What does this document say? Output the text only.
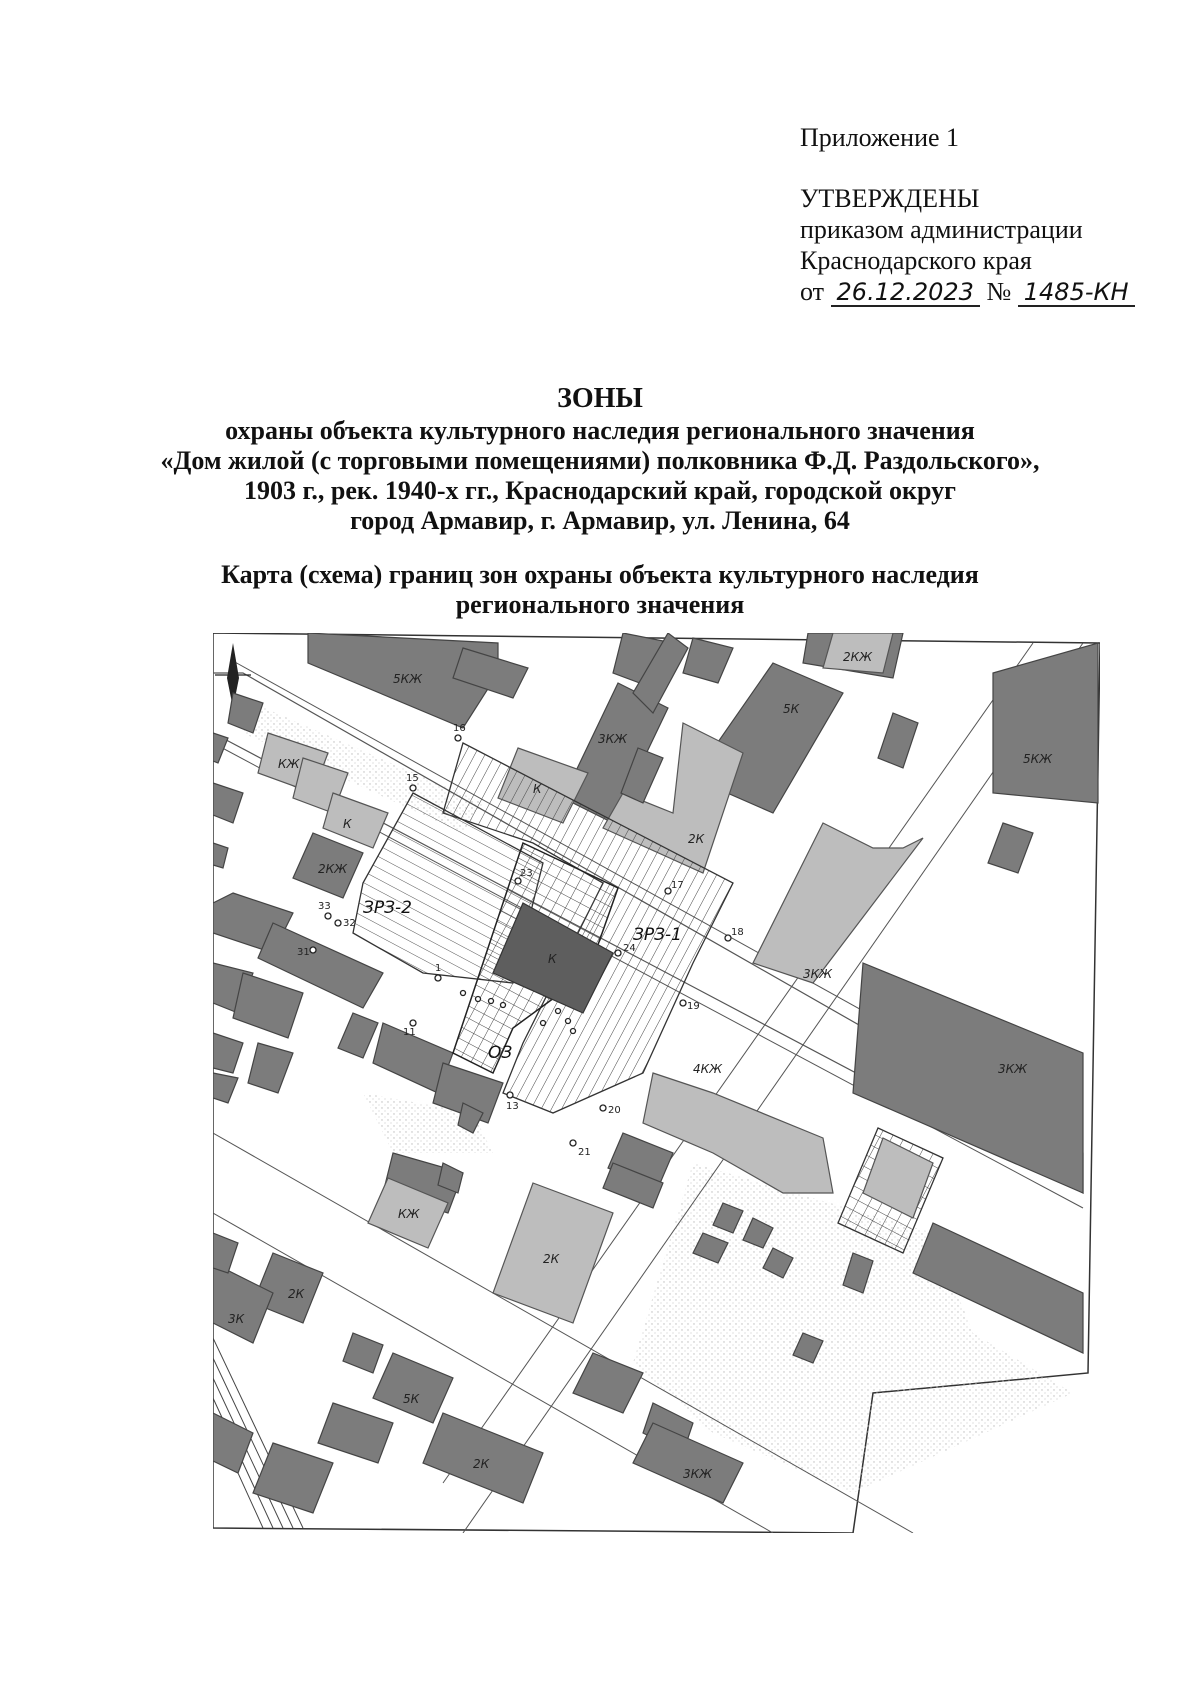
Приложение 1
УТВЕРЖДЕНЫ
приказом администрации
Краснодарского края
от 26.12.2023 № 1485-КН
ЗОНЫ
охраны объекта культурного наследия регионального значения
«Дом жилой (с торговыми помещениями) полковника Ф.Д. Раздольского»,
1903 г., рек. 1940-х гг., Краснодарский край, городской округ
город Армавир, г. Армавир, ул. Ленина, 64
Карта (схема) границ зон охраны объекта культурного наследия
регионального значения
5КЖ
2КЖ
5К
3КЖ
2К
5КЖ
3КЖ
3КЖ
4КЖ
КЖ
К
2КЖ
К
2К
3КЖ
КЖ
2К
3К
5К
2К
ЗРЗ-1
ЗРЗ-2
ОЗ
1
11
13
15
16
17
18
19
20
21
23
24
31
32
33
